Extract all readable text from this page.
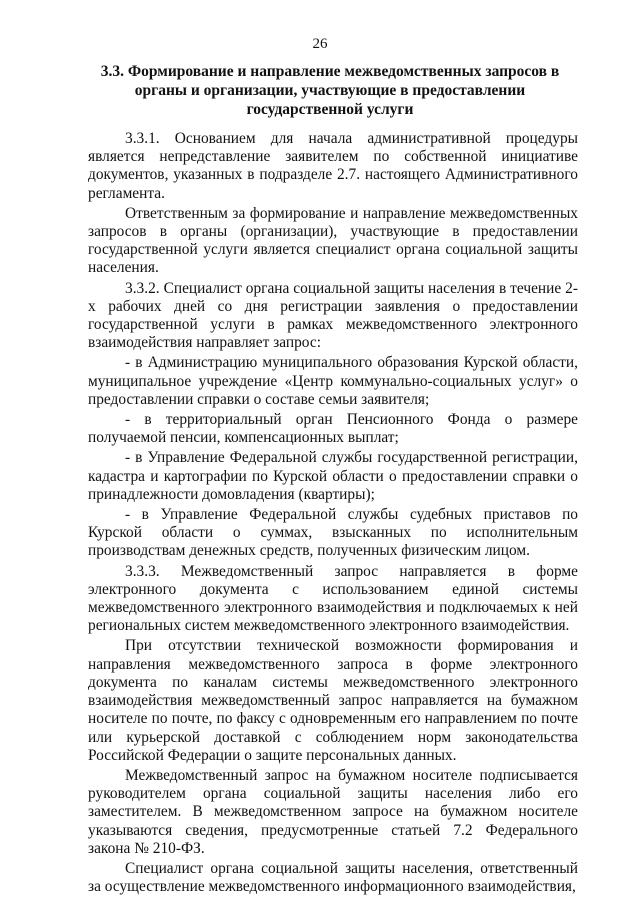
26
3.3. Формирование и направление межведомственных запросов в органы и организации, участвующие в предоставлении государственной услуги

3.3.1. Основанием для начала административной процедуры является непредставление заявителем по собственной инициативе документов, указанных в подразделе 2.7. настоящего Административного регламента.

Ответственным за формирование и направление межведомственных запросов в органы (организации), участвующие в предоставлении государственной услуги является специалист органа социальной защиты населения.

3.3.2. Специалист органа социальной защиты населения в течение 2-х рабочих дней со дня регистрации заявления о предоставлении государственной услуги в рамках межведомственного электронного взаимодействия направляет запрос:

- в Администрацию муниципального образования Курской области, муниципальное учреждение «Центр коммунально-социальных услуг» о предоставлении справки о составе семьи заявителя;

- в территориальный орган Пенсионного Фонда о размере получаемой пенсии, компенсационных выплат;

- в Управление Федеральной службы государственной регистрации, кадастра и картографии по Курской области о предоставлении справки о принадлежности домовладения (квартиры);

- в Управление Федеральной службы судебных приставов по Курской области о суммах, взысканных по исполнительным производствам денежных средств, полученных физическим лицом.

3.3.3. Межведомственный запрос направляется в форме электронного документа с использованием единой системы межведомственного электронного взаимодействия и подключаемых к ней региональных систем межведомственного электронного взаимодействия.

При отсутствии технической возможности формирования и направления межведомственного запроса в форме электронного документа по каналам системы межведомственного электронного взаимодействия межведомственный запрос направляется на бумажном носителе по почте, по факсу с одновременным его направлением по почте или курьерской доставкой с соблюдением норм законодательства Российской Федерации о защите персональных данных.

Межведомственный запрос на бумажном носителе подписывается руководителем органа социальной защиты населения либо его заместителем. В межведомственном запросе на бумажном носителе указываются сведения, предусмотренные статьей 7.2 Федерального закона № 210-ФЗ.

Специалист органа социальной защиты населения, ответственный за осуществление межведомственного информационного взаимодействия,
